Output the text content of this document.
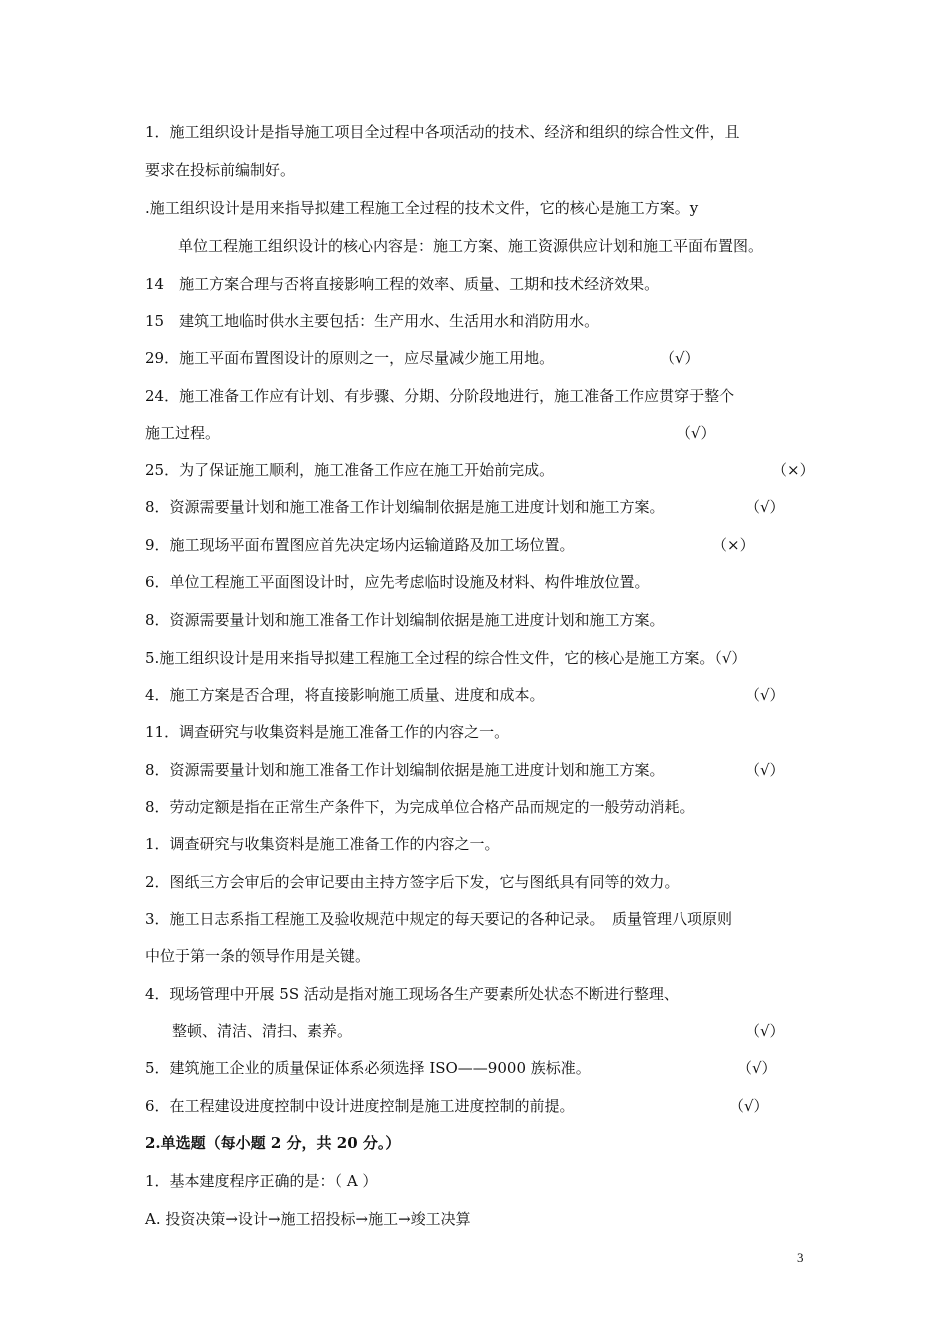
1．施工组织设计是指导施工项目全过程中各项活动的技术、经济和组织的综合性文件，且
要求在投标前编制好。
.施工组织设计是用来指导拟建工程施工全过程的技术文件，它的核心是施工方案。y
单位工程施工组织设计的核心内容是：施工方案、施工资源供应计划和施工平面布置图。
14　施工方案合理与否将直接影响工程的效率、质量、工期和技术经济效果。
15　建筑工地临时供水主要包括：生产用水、生活用水和消防用水。
29．施工平面布置图设计的原则之一，应尽量减少施工用地。	（√）
24．施工准备工作应有计划、有步骤、分期、分阶段地进行，施工准备工作应贯穿于整个
施工过程。	（√）
25．为了保证施工顺利，施工准备工作应在施工开始前完成。	（×）
8．资源需要量计划和施工准备工作计划编制依据是施工进度计划和施工方案。	（√）
9．施工现场平面布置图应首先决定场内运输道路及加工场位置。	（×）
6．单位工程施工平面图设计时，应先考虑临时设施及材料、构件堆放位置。
8．资源需要量计划和施工准备工作计划编制依据是施工进度计划和施工方案。
5.施工组织设计是用来指导拟建工程施工全过程的综合性文件，它的核心是施工方案。（√）
4．施工方案是否合理，将直接影响施工质量、进度和成本。	（√）
11．调查研究与收集资料是施工准备工作的内容之一。
8．资源需要量计划和施工准备工作计划编制依据是施工进度计划和施工方案。	（√）
8．劳动定额是指在正常生产条件下，为完成单位合格产品而规定的一般劳动消耗。
1．调查研究与收集资料是施工准备工作的内容之一。
2．图纸三方会审后的会审记要由主持方签字后下发，它与图纸具有同等的效力。
3．施工日志系指工程施工及验收规范中规定的每天要记的各种记录。　质量管理八项原则
中位于第一条的领导作用是关键。
4．现场管理中开展 5S 活动是指对施工现场各生产要素所处状态不断进行整理、
整顿、清洁、清扫、素养。	（√）
5．建筑施工企业的质量保证体系必须选择 ISO——9000 族标准。	（√）
6．在工程建设进度控制中设计进度控制是施工进度控制的前提。	（√）
2.单选题（每小题 2 分，共 20 分。）
1．基本建度程序正确的是：（ A ）
A. 投资决策→设计→施工招投标→施工→竣工决算
3
